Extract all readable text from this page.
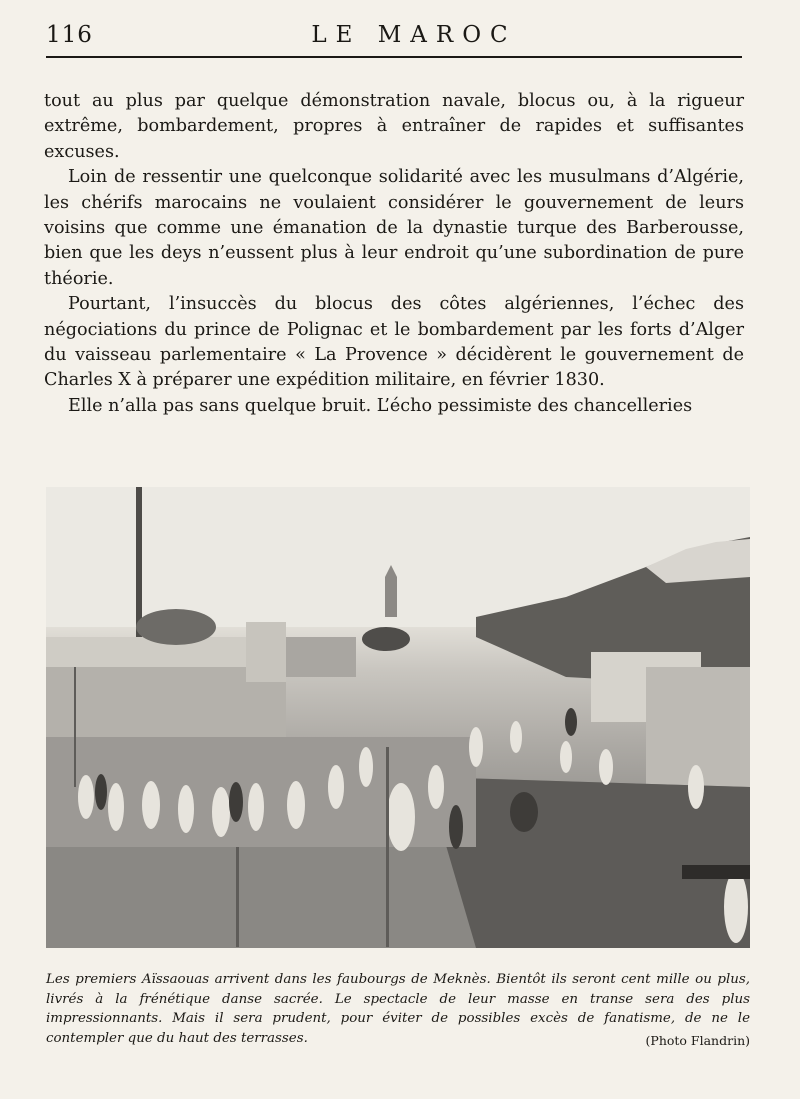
116	LE MAROC

tout au plus par quelque démonstration navale, blocus ou, à la rigueur extrême, bombardement, propres à entraîner de rapides et suffisantes excuses.

Loin de ressentir une quelconque solidarité avec les musulmans d’Algérie, les chérifs marocains ne voulaient considérer le gouvernement de leurs voisins que comme une émanation de la dynastie turque des Barberousse, bien que les deys n’eussent plus à leur endroit qu’une subordination de pure théorie.

Pourtant, l’insuccès du blocus des côtes algériennes, l’échec des négociations du prince de Polignac et le bombardement par les forts d’Alger du vaisseau parlementaire « La Provence » décidèrent le gouvernement de Charles X à préparer une expédition militaire, en février 1830.

Elle n’alla pas sans quelque bruit. L’écho pessimiste des chancelleries

Les premiers Aïssaouas arrivent dans les faubourgs de Meknès. Bientôt ils seront cent mille ou plus, livrés à la frénétique danse sacrée. Le spectacle de leur masse en transe sera des plus impressionnants. Mais il sera prudent, pour éviter de possibles excès de fanatisme, de ne le contempler que du haut des terrasses.	(Photo Flandrin)
